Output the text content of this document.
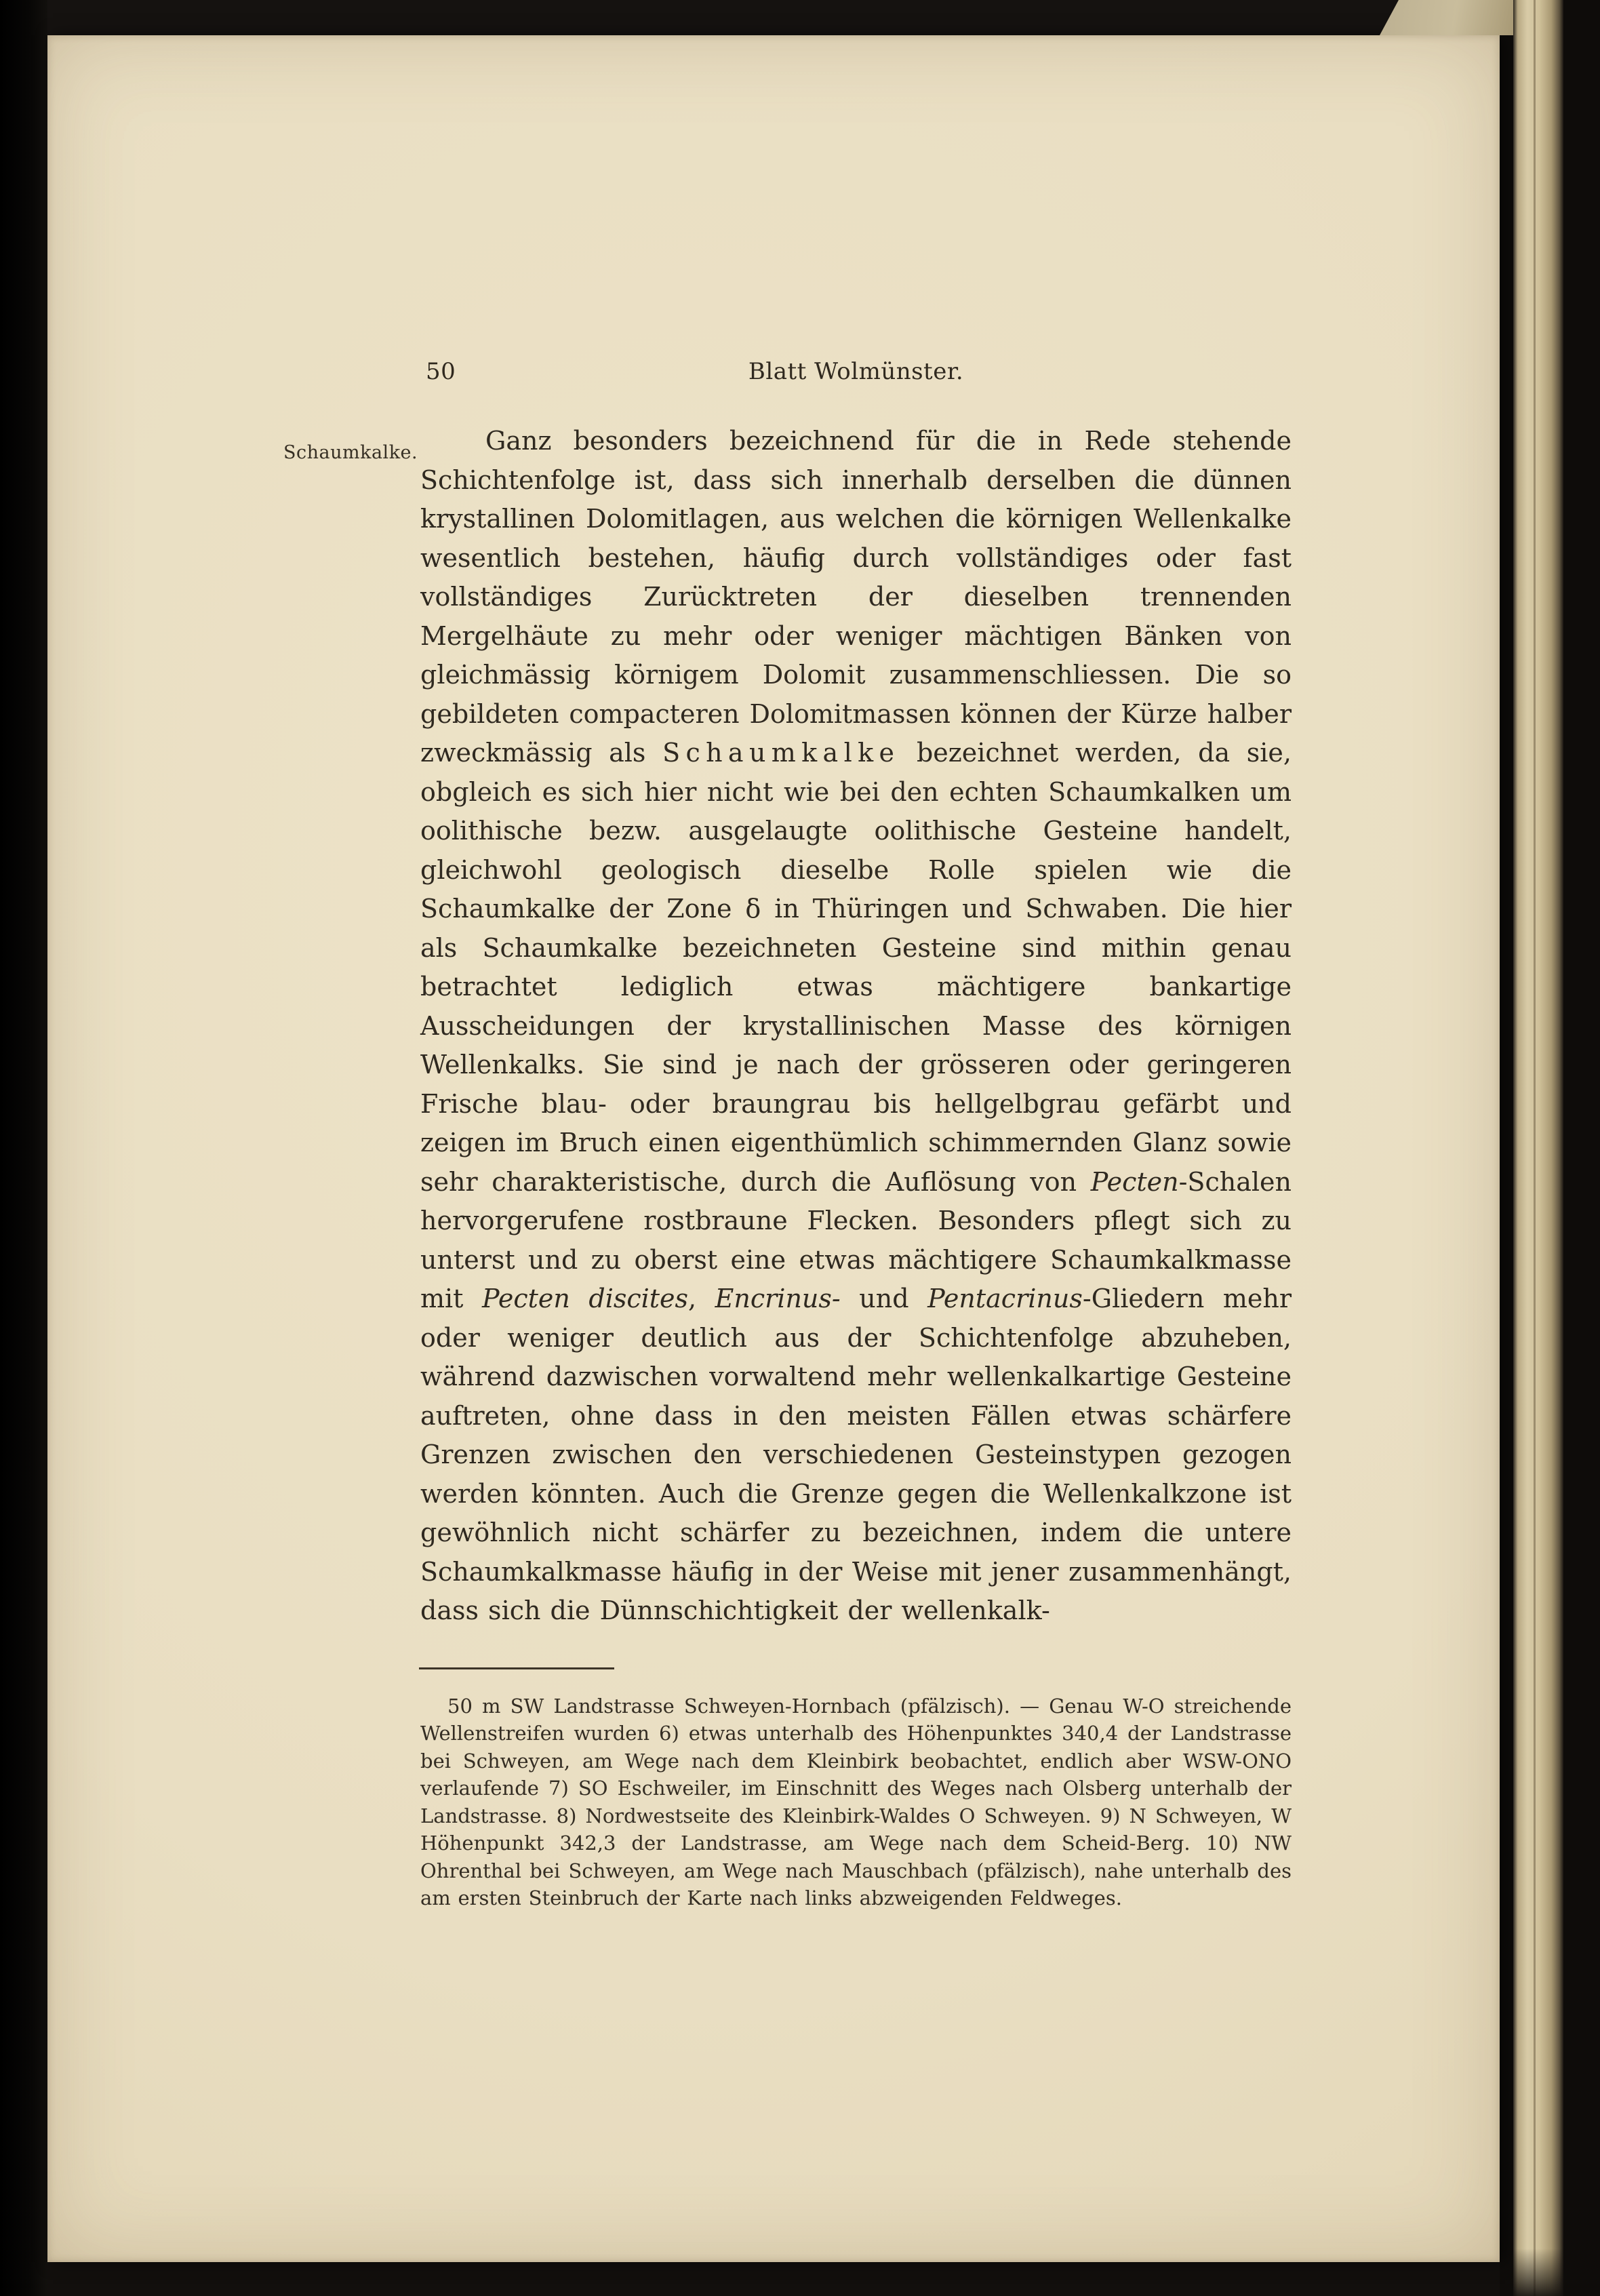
Schaumkalke.
50	Blatt Wolmünster.
Ganz besonders bezeichnend für die in Rede stehende Schichtenfolge ist, dass sich innerhalb derselben die dünnen krystallinen Dolomitlagen, aus welchen die körnigen Wellenkalke wesentlich bestehen, häufig durch vollständiges oder fast vollständiges Zurücktreten der dieselben trennenden Mergelhäute zu mehr oder weniger mächtigen Bänken von gleichmässig körnigem Dolomit zusammenschliessen. Die so gebildeten compacteren Dolomitmassen können der Kürze halber zweckmässig als Schaumkalke bezeichnet werden, da sie, obgleich es sich hier nicht wie bei den echten Schaumkalken um oolithische bezw. ausgelaugte oolithische Gesteine handelt, gleichwohl geologisch dieselbe Rolle spielen wie die Schaumkalke der Zone δ in Thüringen und Schwaben. Die hier als Schaumkalke bezeichneten Gesteine sind mithin genau betrachtet lediglich etwas mächtigere bankartige Ausscheidungen der krystallinischen Masse des körnigen Wellenkalks. Sie sind je nach der grösseren oder geringeren Frische blau- oder braungrau bis hellgelbgrau gefärbt und zeigen im Bruch einen eigenthümlich schimmernden Glanz sowie sehr charakteristische, durch die Auflösung von Pecten-Schalen hervorgerufene rostbraune Flecken. Besonders pflegt sich zu unterst und zu oberst eine etwas mächtigere Schaumkalkmasse mit Pecten discites, Encrinus- und Pentacrinus-Gliedern mehr oder weniger deutlich aus der Schichtenfolge abzuheben, während dazwischen vorwaltend mehr wellenkalkartige Gesteine auftreten, ohne dass in den meisten Fällen etwas schärfere Grenzen zwischen den verschiedenen Gesteinstypen gezogen werden könnten. Auch die Grenze gegen die Wellenkalkzone ist gewöhnlich nicht schärfer zu bezeichnen, indem die untere Schaumkalkmasse häufig in der Weise mit jener zusammenhängt, dass sich die Dünnschichtigkeit der wellenkalk-
50 m SW Landstrasse Schweyen-Hornbach (pfälzisch). — Genau W-O streichende Wellenstreifen wurden 6) etwas unterhalb des Höhenpunktes 340,4 der Landstrasse bei Schweyen, am Wege nach dem Kleinbirk beobachtet, endlich aber WSW-ONO verlaufende 7) SO Eschweiler, im Einschnitt des Weges nach Olsberg unterhalb der Landstrasse. 8) Nordwestseite des Kleinbirk-Waldes O Schweyen. 9) N Schweyen, W Höhenpunkt 342,3 der Landstrasse, am Wege nach dem Scheid-Berg. 10) NW Ohrenthal bei Schweyen, am Wege nach Mauschbach (pfälzisch), nahe unterhalb des am ersten Steinbruch der Karte nach links abzweigenden Feldweges.
